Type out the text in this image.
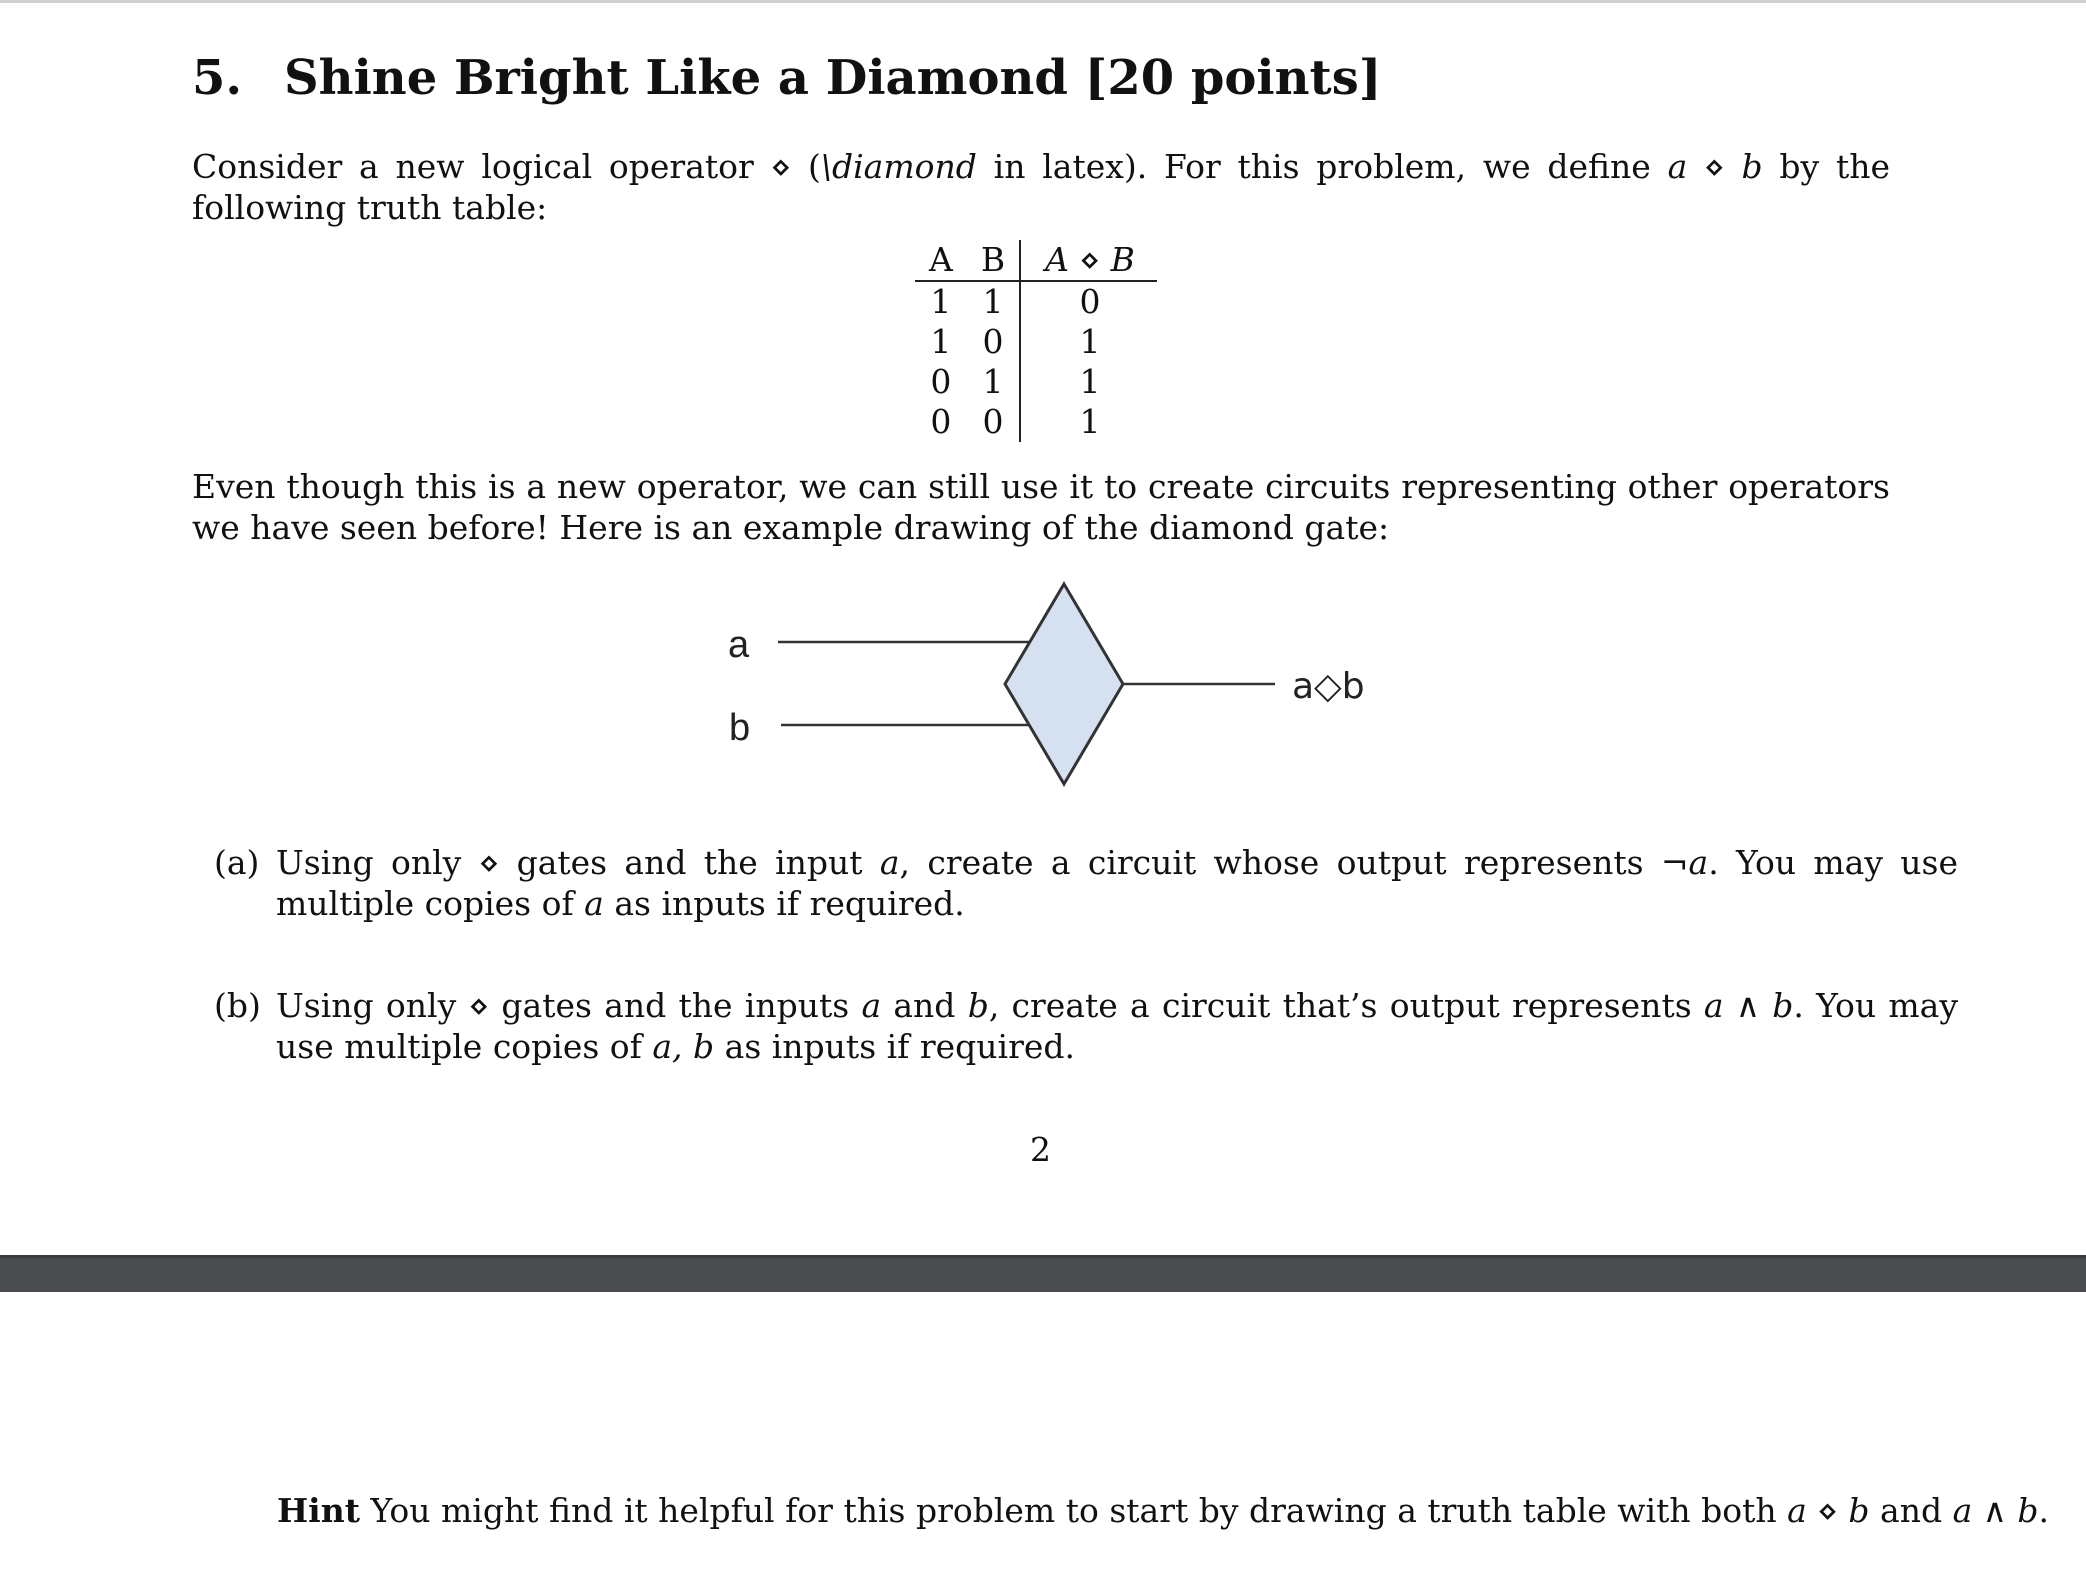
5. Shine Bright Like a Diamond [20 points]

Consider a new logical operator ⋄ (\diamond in latex). For this problem, we define a ⋄ b by the following truth table:

A	B	A ⋄ B
1	1	0
1	0	1
0	1	1
0	0	1

Even though this is a new operator, we can still use it to create circuits representing other operators we have seen before! Here is an example drawing of the diamond gate:

a
b
a◇b
(a) Using only ⋄ gates and the input a, create a circuit whose output represents ¬a. You may use multiple copies of a as inputs if required.
(b) Using only ⋄ gates and the inputs a and b, create a circuit that’s output represents a ∧ b. You may use multiple copies of a, b as inputs if required.
2
Hint You might find it helpful for this problem to start by drawing a truth table with both a ⋄ b and a ∧ b.
